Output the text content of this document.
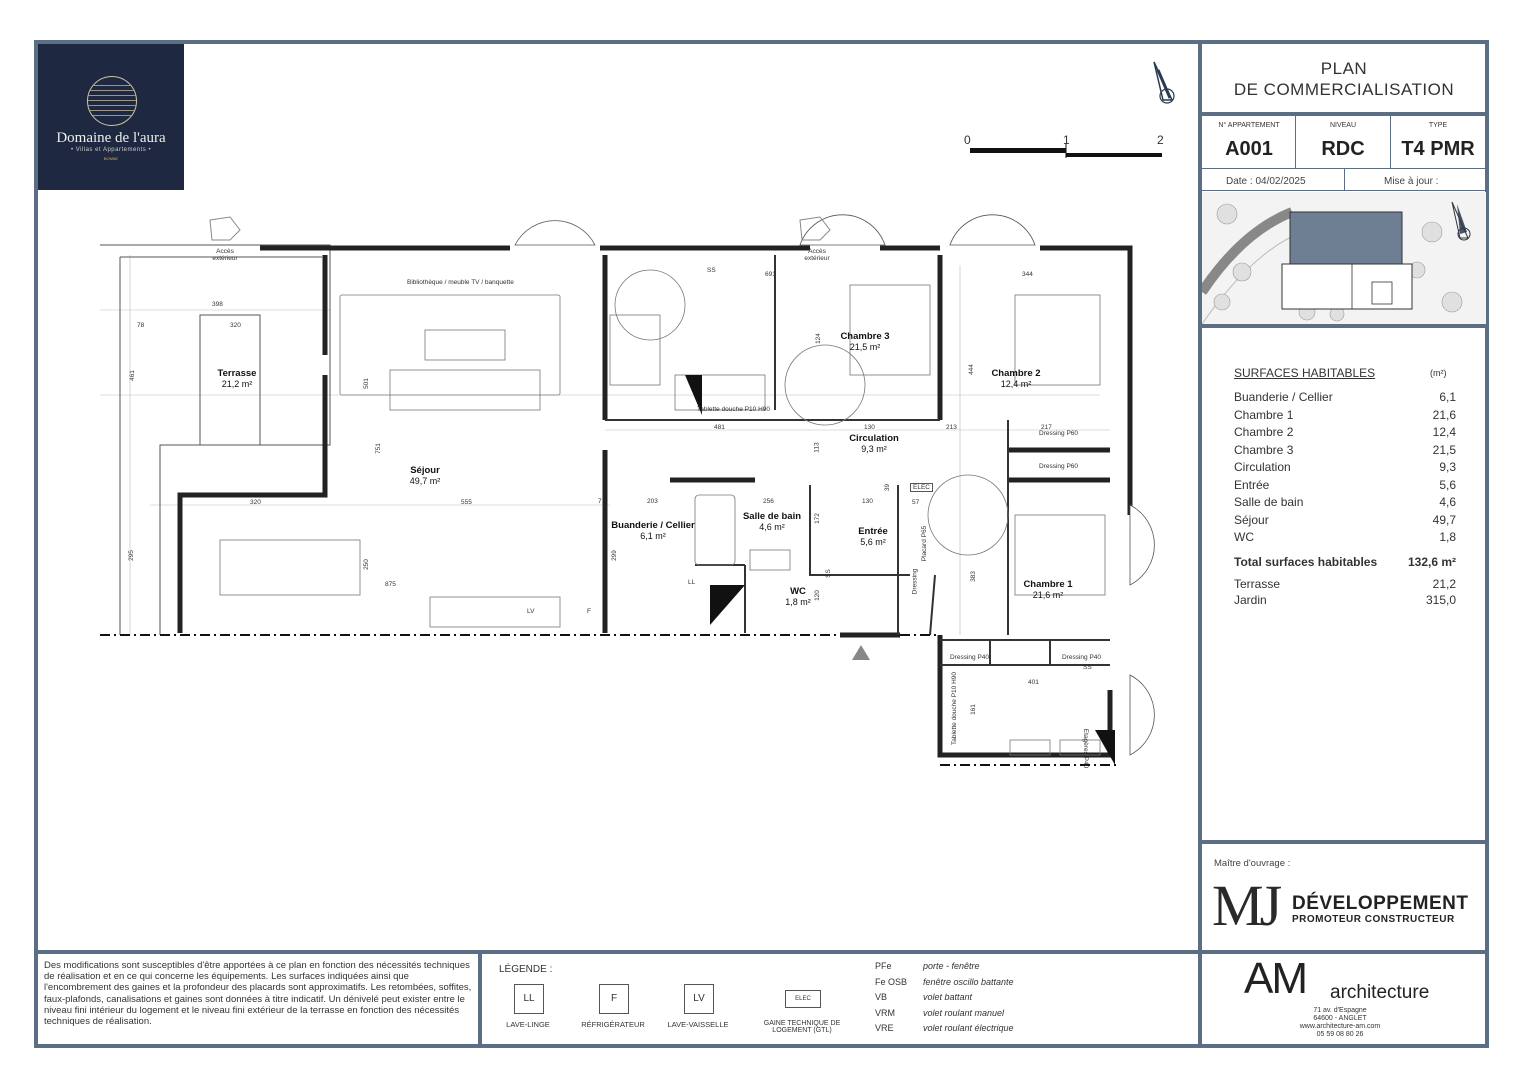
Domaine de l'aura
• Villas et Appartements •
BONNE
PLAN
DE COMMERCIALISATION
N° APPARTEMENT
A001
NIVEAU
RDC
TYPE
T4 PMR
Date : 04/02/2025	Mise à jour :
0	1	2
Terrasse
21,2 m²
Séjour
49,7 m²
Chambre 3
21,5 m²
Chambre 2
12,4 m²
Circulation
9,3 m²
Buanderie / Cellier
6,1 m²
Salle de bain
4,6 m²	Entrée
5,6 m²
WC
1,8 m²
Chambre 1
21,6 m²
Accès extérieur
Accès extérieur
Bibliothèque / meuble TV / banquette
Tablette douche P10 H90
Dressing P60
Dressing P60
Dressing P40	Dressing P40
ELEC
Placard P65
Dressing
Tablette douche P10 H90
Etagères P40
LV	F
LL
SS
SS
SS
398
78	320
461
501
751
320	555
875
295
250
481	130	213	217
344
444
691
124
113
203	256	130
299
120
383
401
161
172
39
57
7
SURFACES HABITABLES	(m²)
Buanderie / Cellier	6,1
Chambre 1	21,6
Chambre 2	12,4
Chambre 3	21,5
Circulation	9,3
Entrée	5,6
Salle de bain	4,6
Séjour	49,7
WC	1,8
Total surfaces habitables	132,6 m²
Terrasse	21,2
Jardin	315,0
Maître d'ouvrage :
MJ DÉVELOPPEMENT
PROMOTEUR CONSTRUCTEUR
AM architecture
71 av. d'Espagne
64600 - ANGLET
www.architecture-am.com
05 59 08 80 26
Des modifications sont susceptibles d'être apportées à ce plan en fonction des nécessités techniques de réalisation et en ce qui concerne les équipements. Les surfaces indiquées ainsi que l'encombrement des gaines et la profondeur des placards sont approximatifs. Les retombées, soffites, faux-plafonds, canalisations et gaines sont données à titre indicatif. Un dénivelé peut exister entre le niveau fini intérieur du logement et le niveau fini extérieur de la terrasse en fonction des nécessités techniques de réalisation.
LÉGENDE :
LL
LAVE-LINGE
F
RÉFRIGÉRATEUR
LV
LAVE-VAISSELLE
ELEC
GAINE TECHNIQUE DE LOGEMENT (GTL)
PFe	porte - fenêtre
Fe OSB fenêtre oscillo battante
VB	volet battant
VRM	volet roulant manuel
VRE	volet roulant électrique
